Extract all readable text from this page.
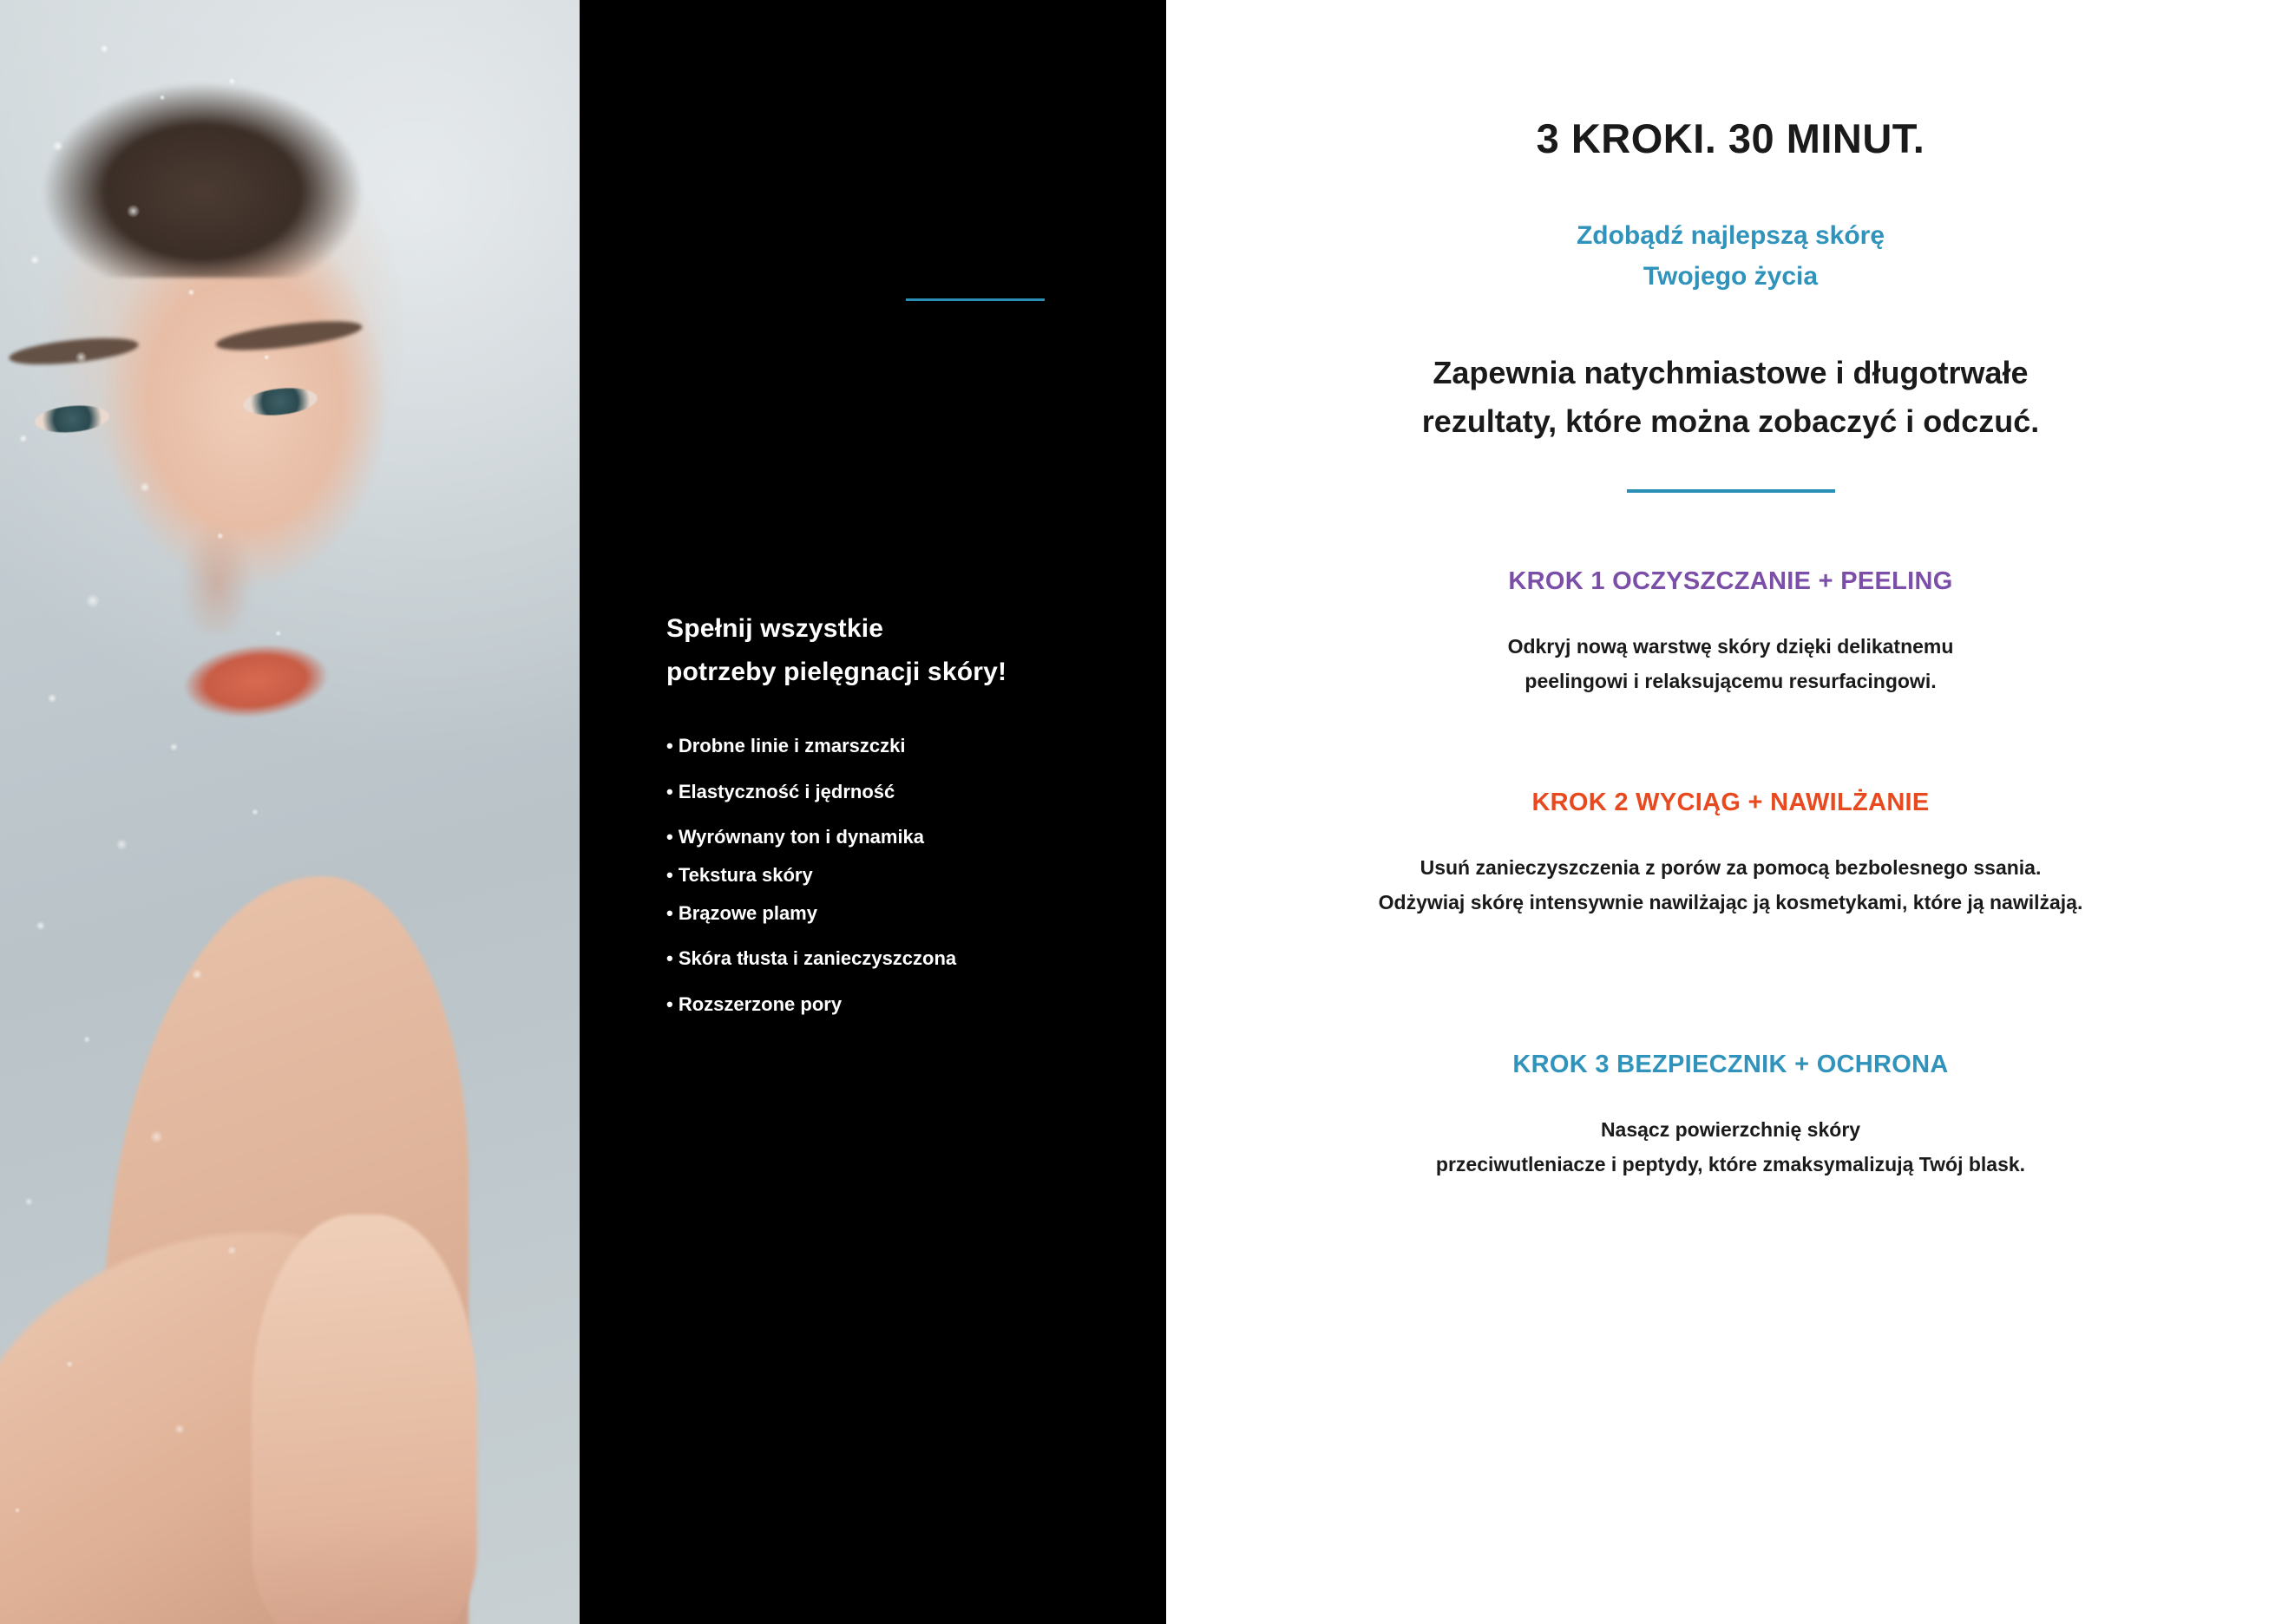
Spełnij wszystkie
potrzeby pielęgnacji skóry!
• Drobne linie i zmarszczki
• Elastyczność i jędrność
• Wyrównany ton i dynamika
• Tekstura skóry
• Brązowe plamy
• Skóra tłusta i zanieczyszczona
• Rozszerzone pory
3 KROKI. 30 MINUT.
Zdobądź najlepszą skórę
Twojego życia
Zapewnia natychmiastowe i długotrwałe
rezultaty, które można zobaczyć i odczuć.
KROK 1 OCZYSZCZANIE + PEELING

Odkryj nową warstwę skóry dzięki delikatnemu
peelingowi i relaksującemu resurfacingowi.

KROK 2 WYCIĄG + NAWILŻANIE

Usuń zanieczyszczenia z porów za pomocą bezbolesnego ssania.
Odżywiaj skórę intensywnie nawilżając ją kosmetykami, które ją nawilżają.

KROK 3 BEZPIECZNIK + OCHRONA

Nasącz powierzchnię skóry
przeciwutleniacze i peptydy, które zmaksymalizują Twój blask.
